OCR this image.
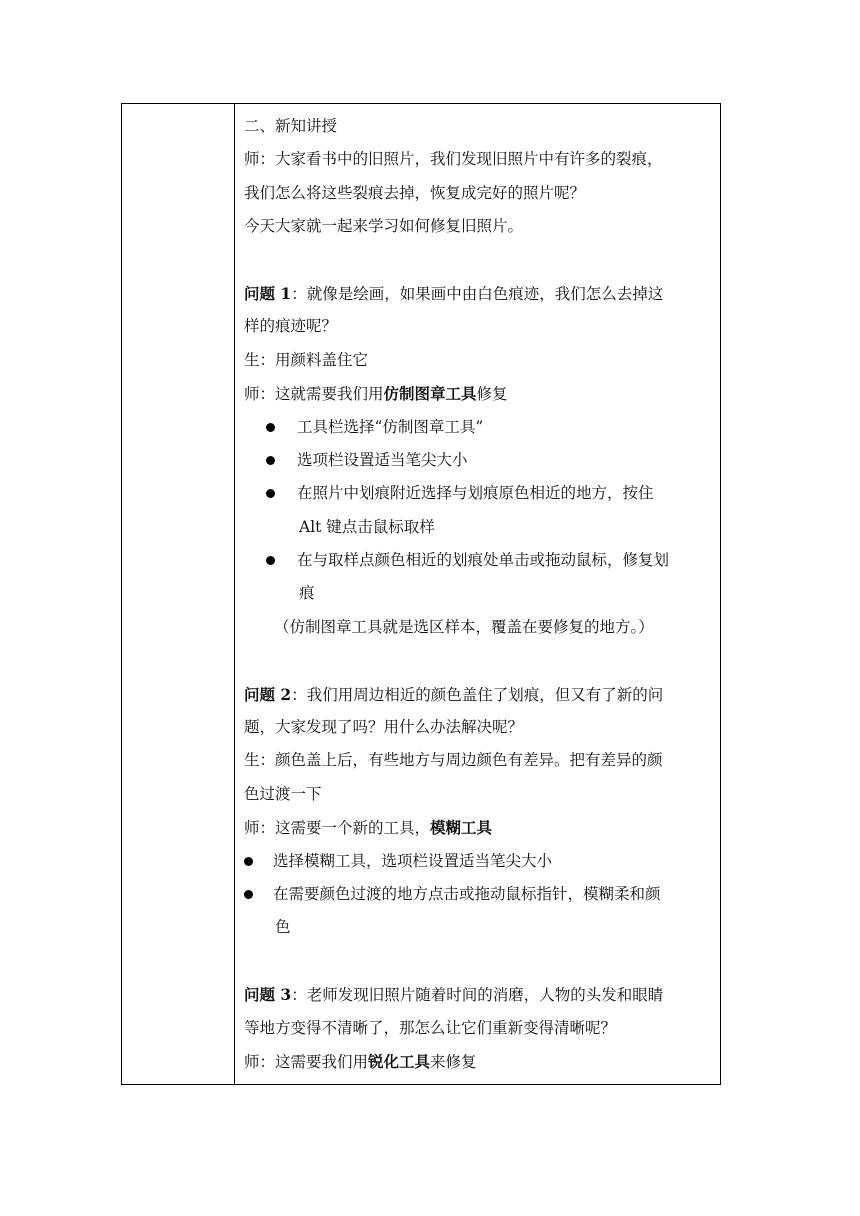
二、新知讲授
师：大家看书中的旧照片，我们发现旧照片中有许多的裂痕，
我们怎么将这些裂痕去掉，恢复成完好的照片呢？
今天大家就一起来学习如何修复旧照片。
问题 1：就像是绘画，如果画中由白色痕迹，我们怎么去掉这
样的痕迹呢？
生：用颜料盖住它
师：这就需要我们用仿制图章工具修复
工具栏选择“仿制图章工具”
选项栏设置适当笔尖大小
在照片中划痕附近选择与划痕原色相近的地方，按住
Alt 键点击鼠标取样
在与取样点颜色相近的划痕处单击或拖动鼠标，修复划
痕
（仿制图章工具就是选区样本，覆盖在要修复的地方。）
问题 2：我们用周边相近的颜色盖住了划痕，但又有了新的问
题，大家发现了吗？用什么办法解决呢？
生：颜色盖上后，有些地方与周边颜色有差异。把有差异的颜
色过渡一下
师：这需要一个新的工具，模糊工具
选择模糊工具，选项栏设置适当笔尖大小
在需要颜色过渡的地方点击或拖动鼠标指针，模糊柔和颜
色
问题 3：老师发现旧照片随着时间的消磨，人物的头发和眼睛
等地方变得不清晰了，那怎么让它们重新变得清晰呢？
师：这需要我们用锐化工具来修复
